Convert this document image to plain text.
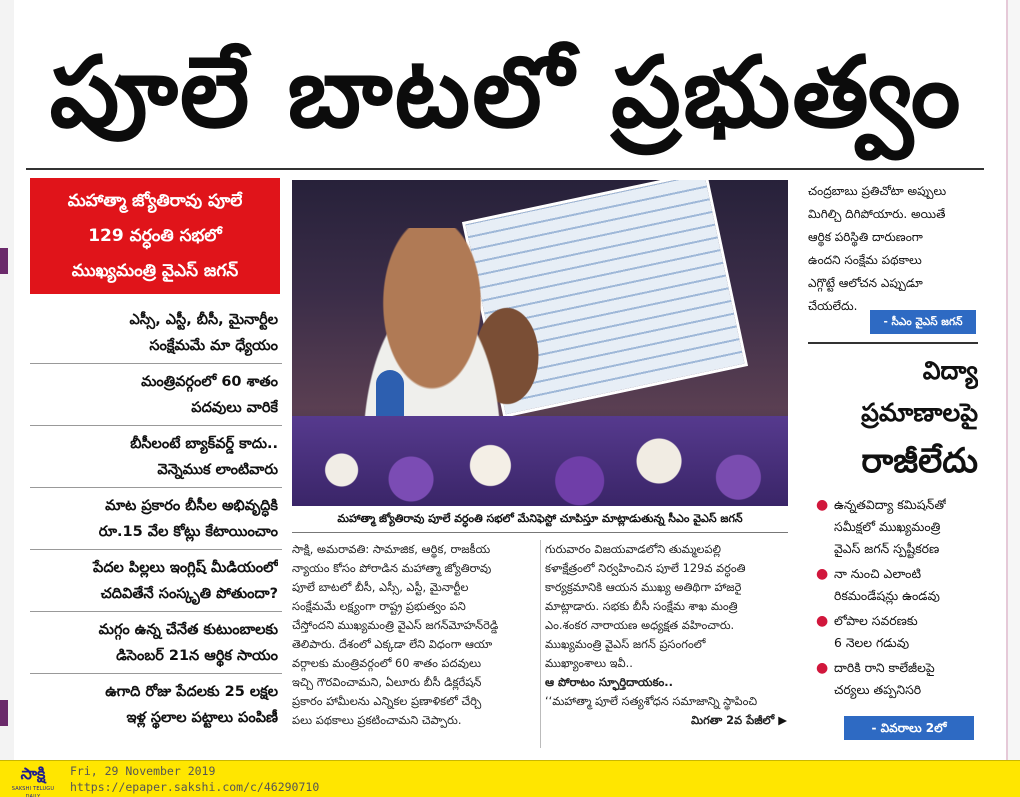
పూలే బాటలో ప్రభుత్వం
మహాత్మా జ్యోతిరావు పూలే
129 వర్ధంతి సభలో
ముఖ్యమంత్రి వైఎస్ జగన్
ఎస్సీ, ఎస్టీ, బీసీ, మైనార్టీల
సంక్షేమమే మా ధ్యేయం
మంత్రివర్గంలో 60 శాతం
పదవులు వారికే
బీసీలంటే బ్యాక్‌వర్డ్ కాదు..
వెన్నెముక లాంటివారు
మాట ప్రకారం బీసీల అభివృద్ధికి
రూ.15 వేల కోట్లు కేటాయించాం
పేదల పిల్లలు ఇంగ్లిష్ మీడియంలో
చదివితేనే సంస్కృతి పోతుందా?
మగ్గం ఉన్న చేనేత కుటుంబాలకు
డిసెంబర్ 21న ఆర్థిక సాయం
ఉగాది రోజు పేదలకు 25 లక్షల
ఇళ్ల స్థలాల పట్టాలు పంపిణీ
మహాత్మా జ్యోతిరావు పూలే వర్ధంతి సభలో మేనిఫెస్టో చూపిస్తూ మాట్లాడుతున్న సీఎం వైఎస్ జగన్

సాక్షి, అమరావతి: సామాజిక, ఆర్థిక, రాజకీయ

న్యాయం కోసం పోరాడిన మహాత్మా జ్యోతిరావు

పూలే బాటలో బీసీ, ఎస్సీ, ఎస్టీ, మైనార్టీల

సంక్షేమమే లక్ష్యంగా రాష్ట్ర ప్రభుత్వం పని

చేస్తోందని ముఖ్యమంత్రి వైఎస్ జగన్‌మోహన్‌రెడ్డి

తెలిపారు. దేశంలో ఎక్కడా లేని విధంగా ఆయా

వర్గాలకు మంత్రివర్గంలో 60 శాతం పదవులు

ఇచ్చి గౌరవించామని, ఏలూరు బీసీ డిక్లరేషన్

ప్రకారం హామీలను ఎన్నికల ప్రణాళికలో చేర్చి

పలు పథకాలు ప్రకటించామని చెప్పారు.

గురువారం విజయవాడలోని తుమ్మలపల్లి

కళాక్షేత్రంలో నిర్వహించిన పూలే 129వ వర్ధంతి

కార్యక్రమానికి ఆయన ముఖ్య అతిథిగా హాజరై

మాట్లాడారు. సభకు బీసీ సంక్షేమ శాఖ మంత్రి

ఎం.శంకర నారాయణ అధ్యక్షత వహించారు.

ముఖ్యమంత్రి వైఎస్ జగన్ ప్రసంగంలో

ముఖ్యాంశాలు ఇవీ..

ఆ పోరాటం స్ఫూర్తిదాయకం..

‘‘మహాత్మా పూలే సత్యశోధన సమాజాన్ని స్థాపించి

మిగతా 2వ పేజీలో ▶

చంద్రబాబు ప్రతిచోటా అప్పులు

మిగిల్చి దిగిపోయారు. అయితే

ఆర్థిక పరిస్థితి దారుణంగా

ఉందని సంక్షేమ పథకాలు

ఎగ్గొట్టే ఆలోచన ఎప్పుడూ

చేయలేదు.

- సీఎం వైఎస్ జగన్
విద్యా
ప్రమాణాలపై
రాజీలేదు
● ఉన్నతవిద్యా కమిషన్‌తో
సమీక్షలో ముఖ్యమంత్రి
వైఎస్ జగన్ స్పష్టీకరణ
● నా నుంచి ఎలాంటి
రికమండేషన్లు ఉండవు
● లోపాల సవరణకు
6 నెలల గడువు
● దారికి రాని కాలేజీలపై
చర్యలు తప్పనిసరి
- వివరాలు 2లో
సాక్షి
SAKSHI TELUGU DAILY
Fri, 29 November 2019
https://epaper.sakshi.com/c/46290710
